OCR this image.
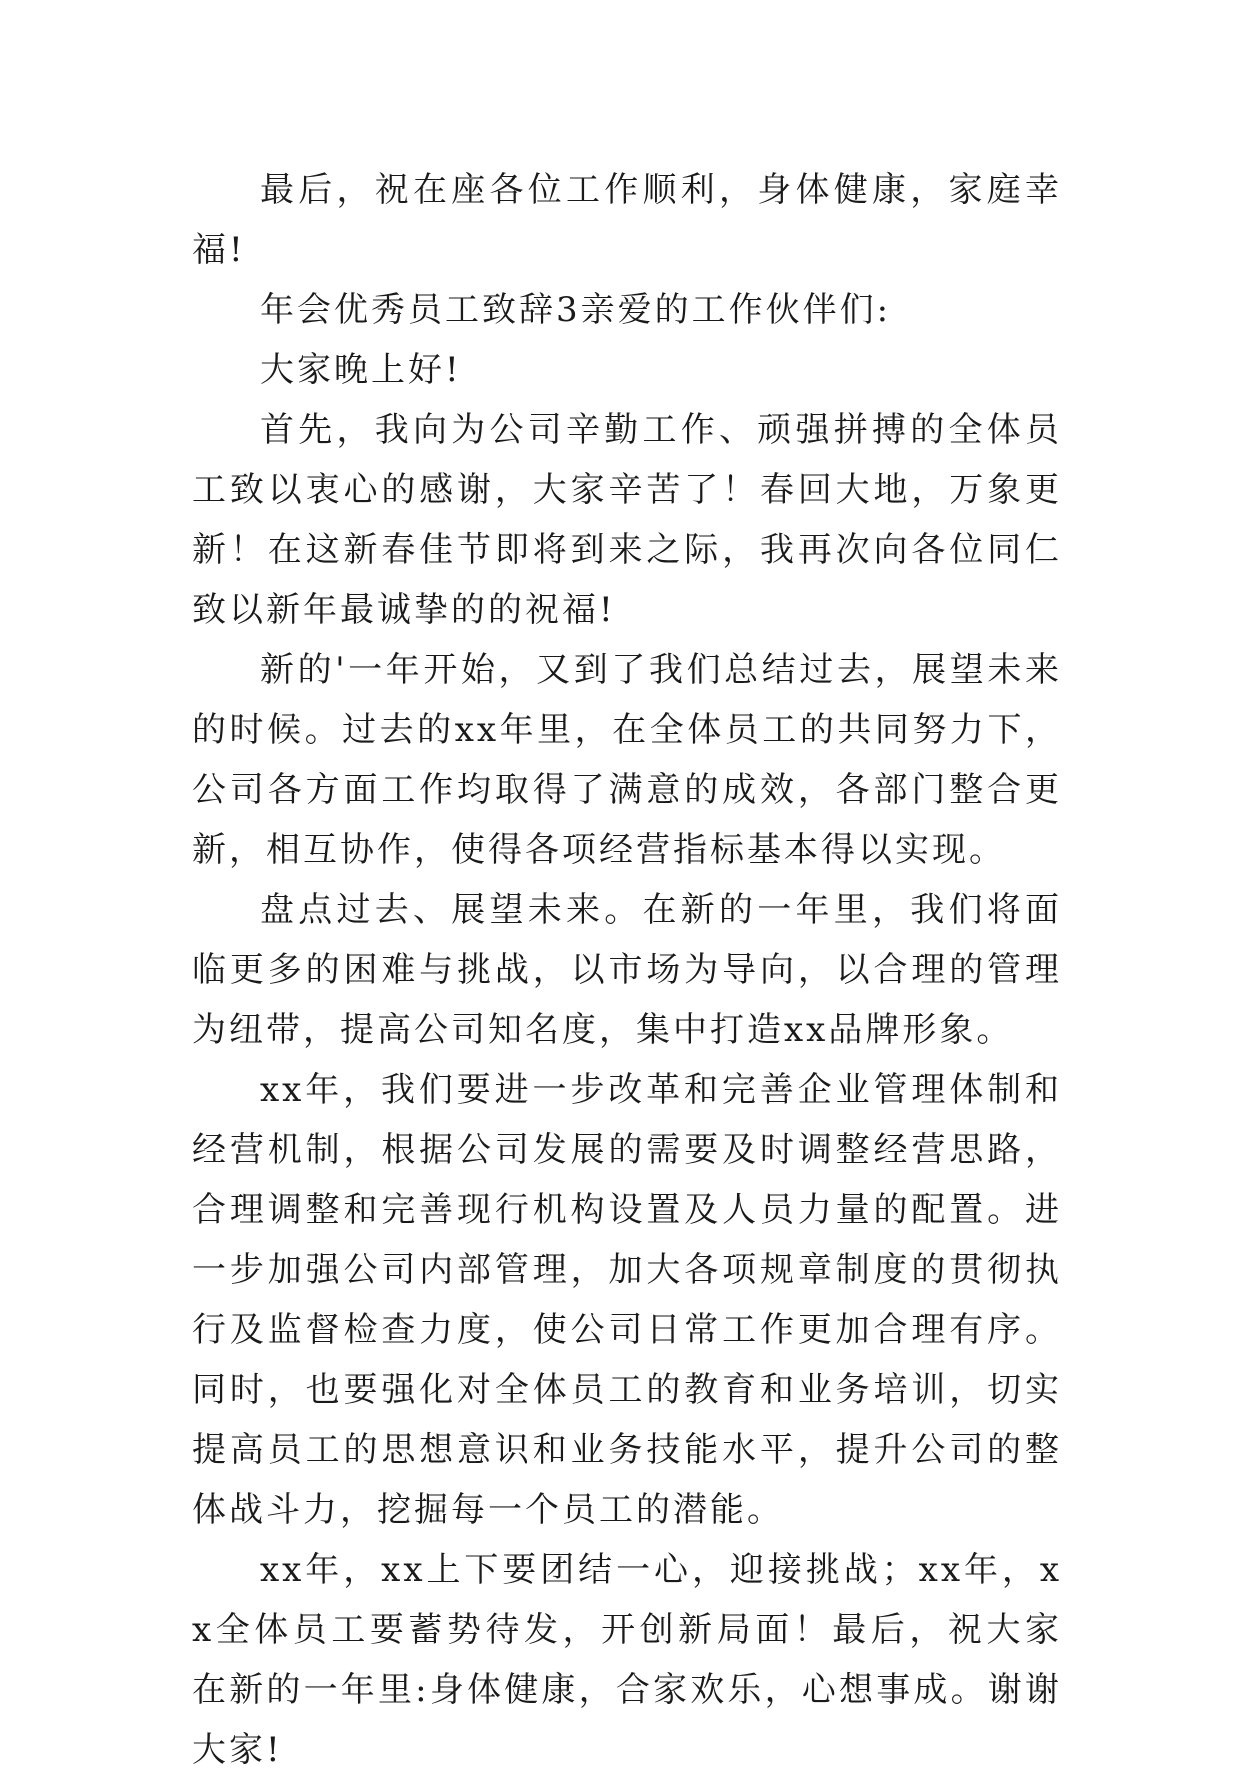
最后，祝在座各位工作顺利，身体健康，家庭幸福!

年会优秀员工致辞3亲爱的工作伙伴们:

大家晚上好!

首先，我向为公司辛勤工作、顽强拼搏的全体员工致以衷心的感谢，大家辛苦了！春回大地，万象更新！在这新春佳节即将到来之际，我再次向各位同仁致以新年最诚挚的的祝福!

新的'一年开始，又到了我们总结过去，展望未来的时候。过去的xx年里，在全体员工的共同努力下，公司各方面工作均取得了满意的成效，各部门整合更新，相互协作，使得各项经营指标基本得以实现。

盘点过去、展望未来。在新的一年里，我们将面临更多的困难与挑战，以市场为导向，以合理的管理为纽带，提高公司知名度，集中打造xx品牌形象。

xx年，我们要进一步改革和完善企业管理体制和经营机制，根据公司发展的需要及时调整经营思路，合理调整和完善现行机构设置及人员力量的配置。进一步加强公司内部管理，加大各项规章制度的贯彻执行及监督检查力度，使公司日常工作更加合理有序。同时，也要强化对全体员工的教育和业务培训，切实提高员工的思想意识和业务技能水平，提升公司的整体战斗力，挖掘每一个员工的潜能。

xx年，xx上下要团结一心，迎接挑战；xx年，xx全体员工要蓄势待发，开创新局面！最后，祝大家在新的一年里:身体健康，合家欢乐，心想事成。谢谢大家!
